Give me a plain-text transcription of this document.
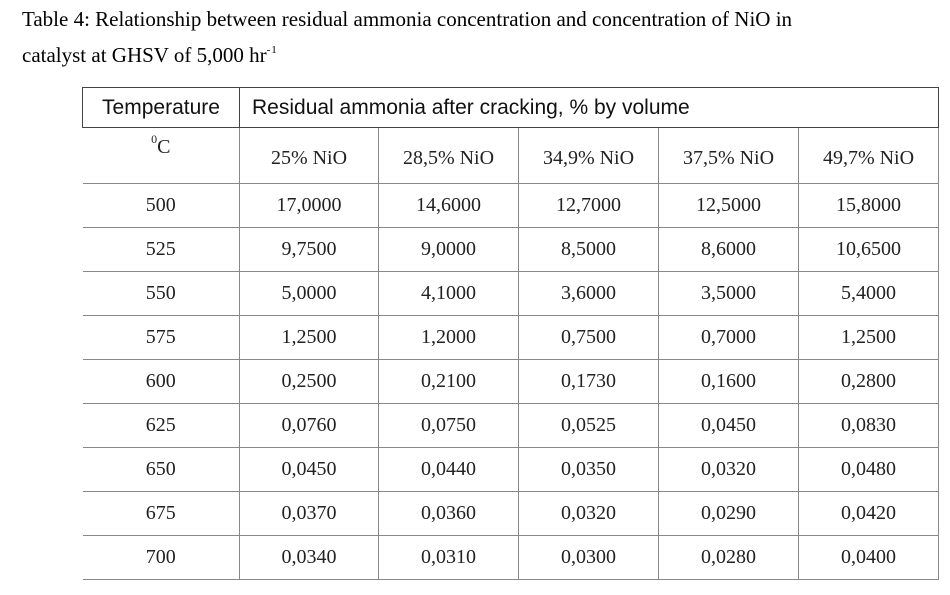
Table 4: Relationship between residual ammonia concentration and concentration of NiO in
catalyst at GHSV of 5,000 $hr^{-1}$
Temperature	Residual ammonia after cracking, % by volume				
$^0$C	25% NiO	28,5% NiO	34,9% NiO	37,5% NiO	49,7% NiO
500	17,0000	14,6000	12,7000	12,5000	15,8000
525	9,7500	9,0000	8,5000	8,6000	10,6500
550	5,0000	4,1000	3,6000	3,5000	5,4000
575	1,2500	1,2000	0,7500	0,7000	1,2500
600	0,2500	0,2100	0,1730	0,1600	0,2800
625	0,0760	0,0750	0,0525	0,0450	0,0830
650	0,0450	0,0440	0,0350	0,0320	0,0480
675	0,0370	0,0360	0,0320	0,0290	0,0420
700	0,0340	0,0310	0,0300	0,0280	0,0400
